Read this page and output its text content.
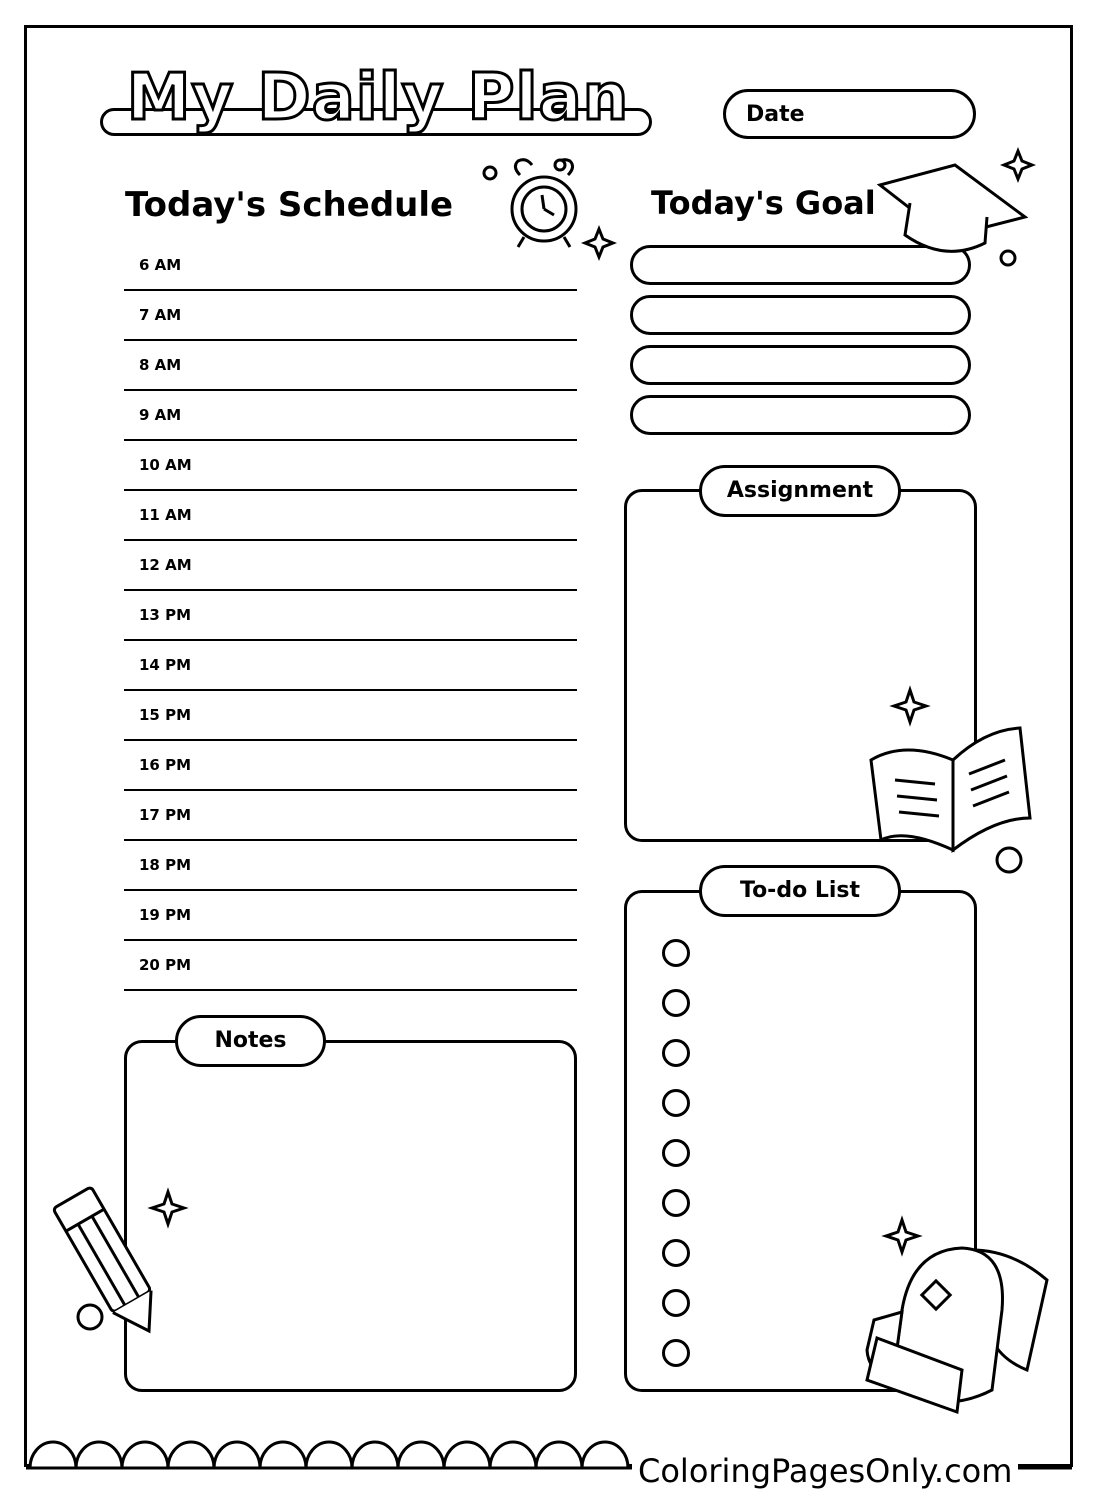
My Daily Plan	Date
Today's Schedule
6 AM
7 AM
8 AM
9 AM
10 AM
11 AM
12 AM
13 PM
14 PM
15 PM
16 PM
17 PM
18 PM
19 PM
20 PM
Today's Goal
Assignment
To-do List
Notes
ColoringPagesOnly.com
